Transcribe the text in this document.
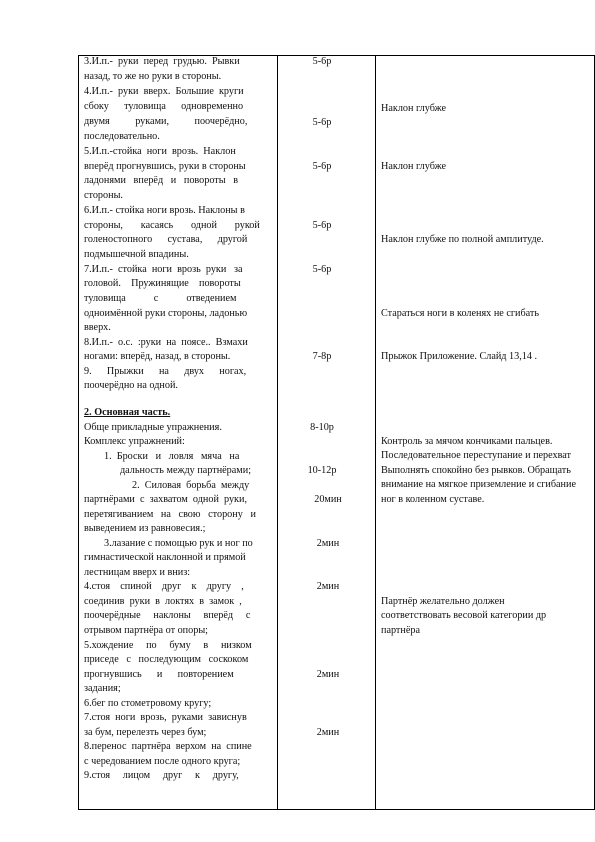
3.И.п.-  руки  перед  грудью.  Рывки
назад, то же но руки в стороны.
4.И.п.-  руки  вверх.  Большие  круги
сбоку      туловища      одновременно
двумя          руками,          поочерёдно,
последовательно.
5.И.п.-стойка  ноги  врозь.  Наклон
вперёд прогнувшись, руки в стороны
ладонями   вперёд   и   повороты   в
стороны.
6.И.п.- стойка ноги врозь. Наклоны в
стороны,       касаясь       одной       рукой
голеностопного      сустава,      другой
подмышечной впадины.
7.И.п.-  стойка  ноги  врозь  руки   за
головой.    Пружинящие    повороты
туловища           с           отведением
одноимённой руки стороны, ладонью
вверх.
8.И.п.-  о.с.  :руки  на  поясе..  Взмахи
ногами: вперёд, назад, в стороны.
9.      Прыжки      на      двух      ногах,
поочерёдно на одной.
2. Основная часть.
Обще прикладные упражнения.
Комплекс упражнений:
1.  Броски   и   ловля   мяча   на
дальность между партнёрами;
2.  Силовая  борьба  между
партнёрами  с  захватом  одной  руки,
перетягиванием   на   свою   сторону   и
выведением из равновесия.;
3.лазание с помощью рук и ног по
гимнастической наклонной и прямой
лестницам вверх и вниз:
4.стоя    спиной    друг    к    другу    ,
соединив  руки  в  локтях  в  замок  ,
поочерёдные     наклоны     вперёд     с
отрывом партнёра от опоры;
5.хождение     по     буму     в     низком
приседе   с   последующим   соскоком
прогнувшись      и      повторением
задания;
6.бег по стометровому кругу;
7.стоя  ноги  врозь,  руками  зависнув
за бум, перелезть через бум;
8.перенос  партнёра  верхом  на  спине
с чередованием после одного круга;
9.стоя     лицом     друг     к     другу,
5-6р
5-6р
5-6р
5-6р
5-6р
7-8р
8-10р
10-12р
20мин
2мин
2мин
2мин
2мин
Наклон глубже
Наклон глубже
Наклон глубже по полной амплитуде.
Стараться ноги в коленях не сгибать
Прыжок Приложение. Слайд 13,14 .
Контроль за мячом кончиками пальцев.
Последовательное переступание и перехват
Выполнять спокойно без рывков. Обращать
внимание на мягкое приземление и сгибание
ног в коленном суставе.
Партнёр желательно должен
соответствовать весовой категории др
партнёра
